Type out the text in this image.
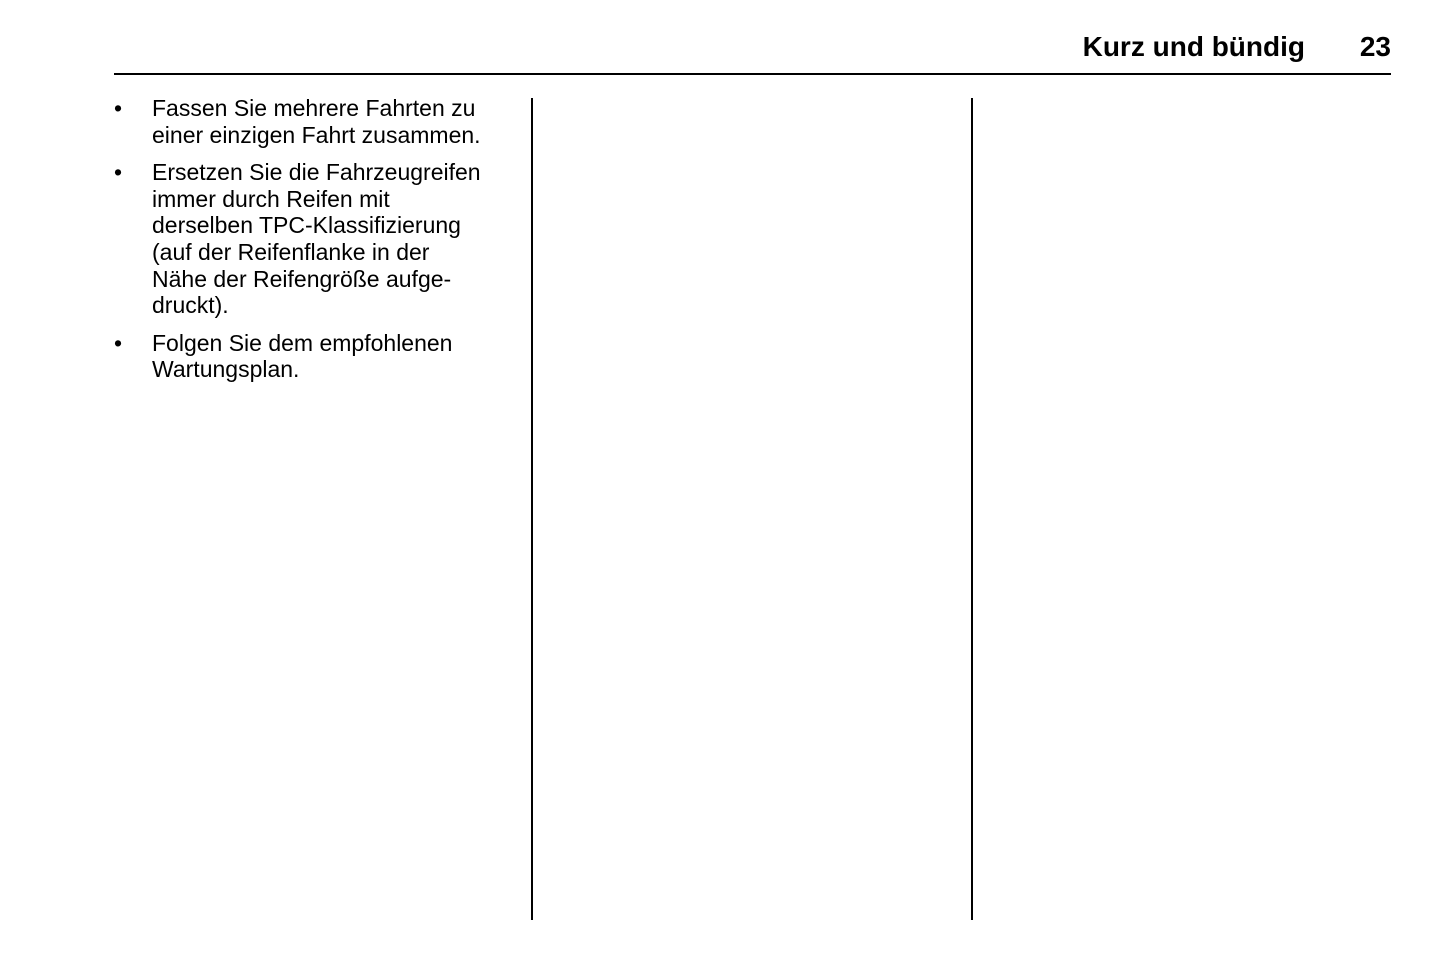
Kurz und bündig 23
•	Fassen Sie mehrere Fahrten zu
einer einzigen Fahrt zusammen.
•	Ersetzen Sie die Fahrzeugreifen
immer durch Reifen mit
derselben TPC-Klassifizierung
(auf der Reifenflanke in der
Nähe der Reifengröße aufge-
druckt).
•	Folgen Sie dem empfohlenen
Wartungsplan.
